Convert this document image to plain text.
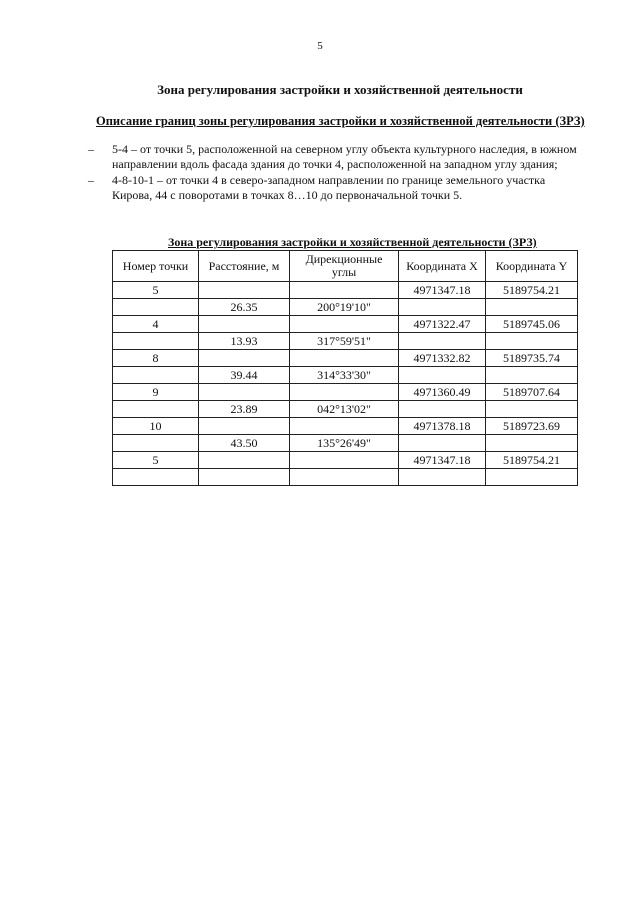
5
Зона регулирования застройки и хозяйственной деятельности
Описание границ зоны регулирования застройки и хозяйственной деятельности (ЗРЗ)
– 5-4 – от точки 5, расположенной на северном углу объекта культурного наследия, в южном направлении вдоль фасада здания до точки 4, расположенной на западном углу здания;
– 4-8-10-1 – от точки 4 в северо-западном направлении по границе земельного участка Кирова, 44 с поворотами в точках 8…10 до первоначальной точки 5.
Зона регулирования застройки и хозяйственной деятельности (ЗРЗ)
Номер точки	Расстояние, м	Дирекционные углы	Координата X	Координата Y
5			4971347.18	5189754.21
	26.35	200°19'10"		
4			4971322.47	5189745.06
	13.93	317°59'51"		
8			4971332.82	5189735.74
	39.44	314°33'30"		
9			4971360.49	5189707.64
	23.89	042°13'02"		
10			4971378.18	5189723.69
	43.50	135°26'49"		
5			4971347.18	5189754.21
